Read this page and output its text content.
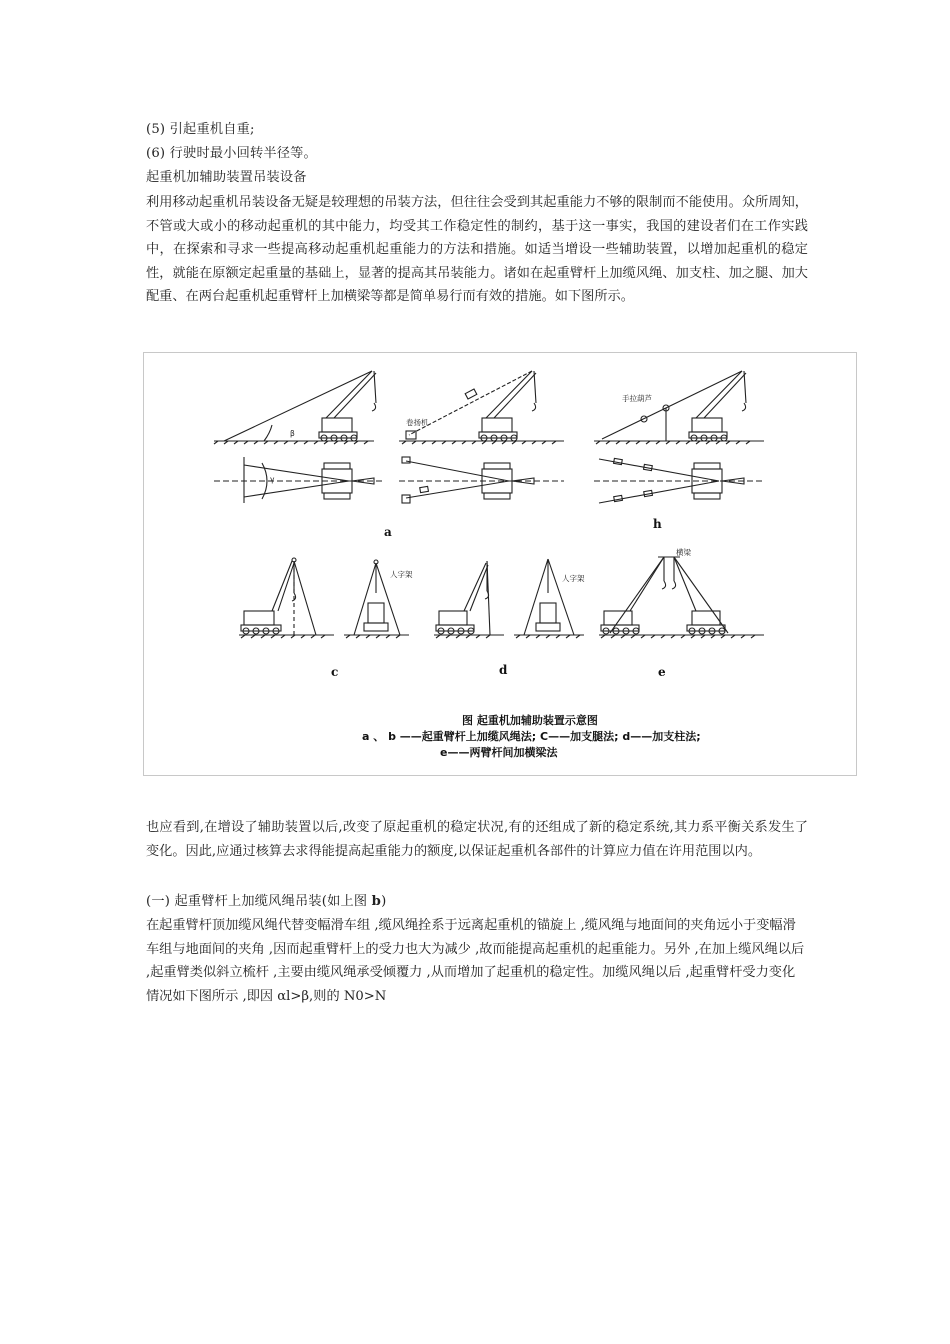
(5) 引起重机自重;
(6) 行驶时最小回转半径等。
起重机加辅助装置吊装设备
利用移动起重机吊装设备无疑是较理想的吊装方法，但往往会受到其起重能力不够的限制而不能使用。众所周知，不管或大或小的移动起重机的其中能力，均受其工作稳定性的制约，基于这一事实，我国的建设者们在工作实践中，在探索和寻求一些提高移动起重机起重能力的方法和措施。如适当增设一些辅助装置，以增加起重机的稳定性，就能在原额定起重量的基础上，显著的提高其吊装能力。诸如在起重臂杆上加缆风绳、加支柱、加之腿、加大配重、在两台起重机起重臂杆上加横梁等都是简单易行而有效的措施。如下图所示。
卷扬机
手拉葫芦
人字架	人字架
横梁
β
γ
a
h
c	d	e
图 起重机加辅助装置示意图
a 、 b ——起重臂杆上加缆风绳法; C——加支腿法; d——加支柱法;
e——两臂杆间加横梁法
也应看到,在增设了辅助装置以后,改变了原起重机的稳定状况,有的还组成了新的稳定系统,其力系平衡关系发生了变化。因此,应通过核算去求得能提高起重能力的额度,以保证起重机各部件的计算应力值在许用范围以内。
(一) 起重臂杆上加缆风绳吊装(如上图 b)
在起重臂杆顶加缆风绳代替变幅滑车组 ,缆风绳拴系于远离起重机的锚旋上 ,缆风绳与地面间的夹角远小于变幅滑车组与地面间的夹角 ,因而起重臂杆上的受力也大为减少 ,故而能提高起重机的起重能力。另外 ,在加上缆风绳以后 ,起重臂类似斜立梳杆 ,主要由缆风绳承受倾覆力 ,从而增加了起重机的稳定性。加缆风绳以后 ,起重臂杆受力变化情况如下图所示 ,即因 αl>β,则的 N0>N
